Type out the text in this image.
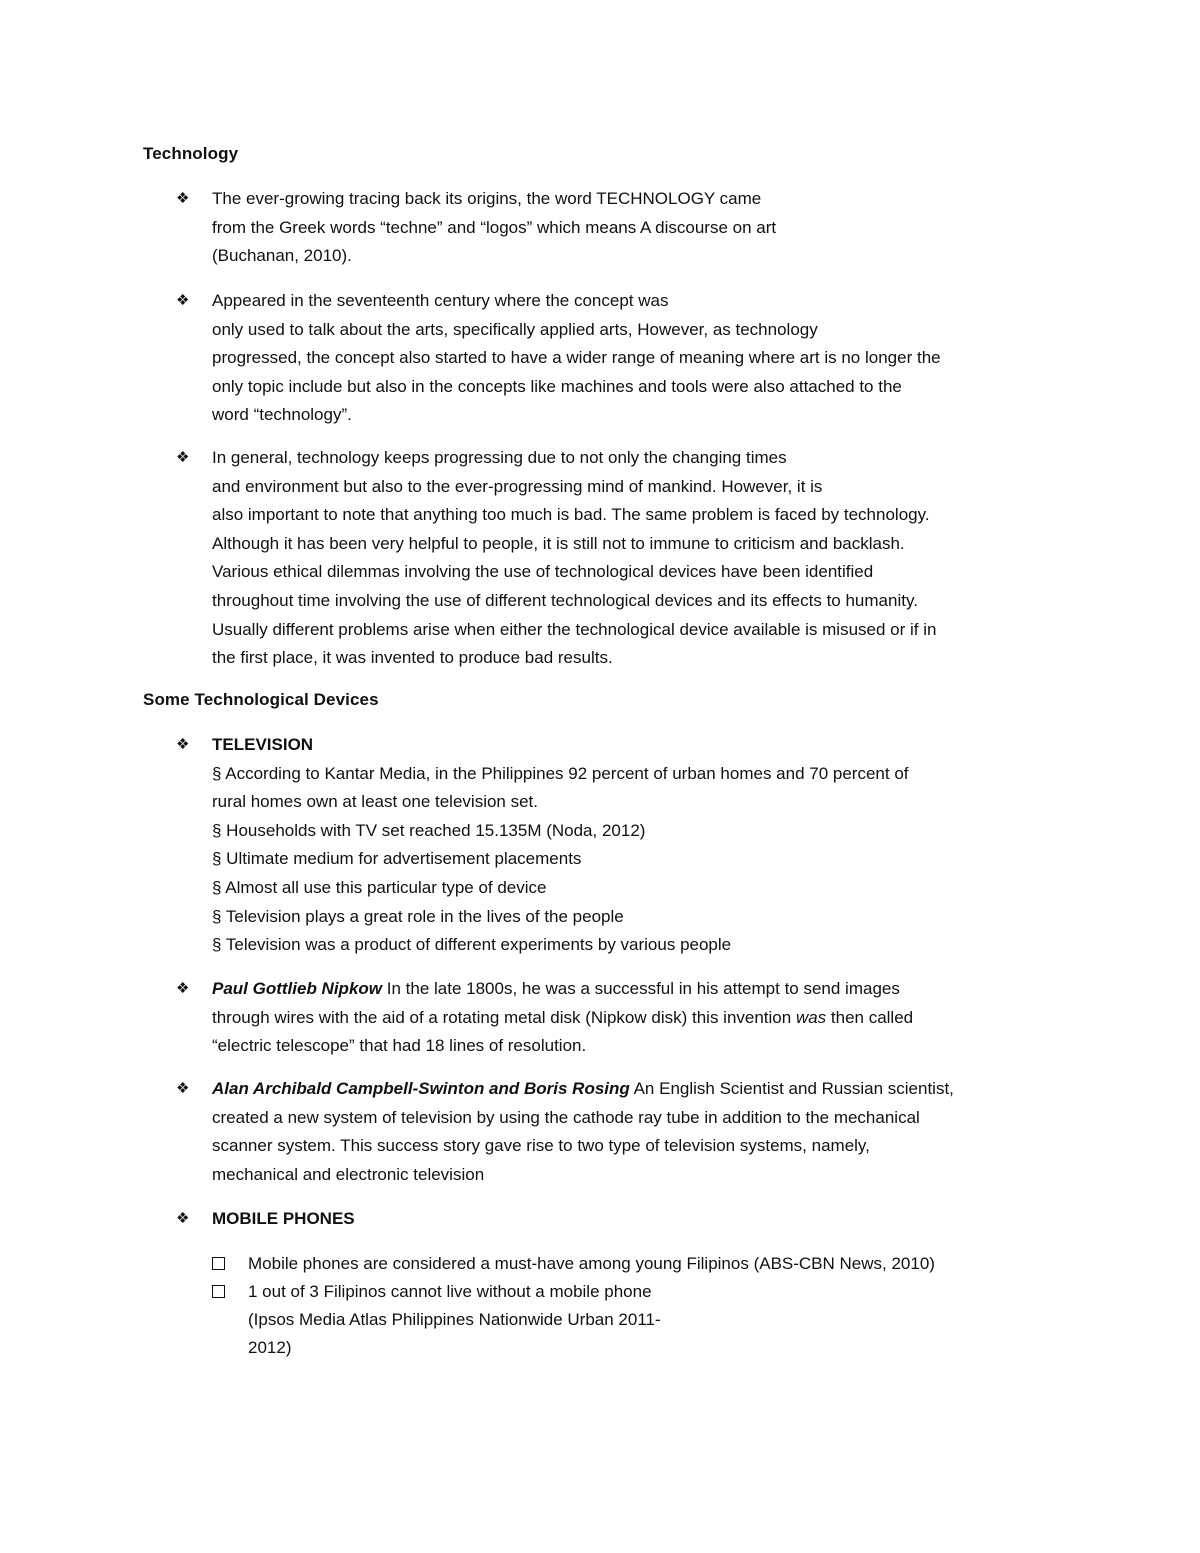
Technology
❖ The ever-growing tracing back its origins, the word TECHNOLOGY came
from the Greek words “techne” and “logos” which means A discourse on art
(Buchanan, 2010).
❖ Appeared in the seventeenth century where the concept was
only used to talk about the arts, specifically applied arts, However, as technology
progressed, the concept also started to have a wider range of meaning where art is no longer the
only topic include but also in the concepts like machines and tools were also attached to the
word “technology”.
❖ In general, technology keeps progressing due to not only the changing times
and environment but also to the ever-progressing mind of mankind. However, it is
also important to note that anything too much is bad. The same problem is faced by technology.
Although it has been very helpful to people, it is still not to immune to criticism and backlash.
Various ethical dilemmas involving the use of technological devices have been identified
throughout time involving the use of different technological devices and its effects to humanity.
Usually different problems arise when either the technological device available is misused or if in
the first place, it was invented to produce bad results.
Some Technological Devices
❖ TELEVISION
§ According to Kantar Media, in the Philippines 92 percent of urban homes and 70 percent of
rural homes own at least one television set.
§ Households with TV set reached 15.135M (Noda, 2012)
§ Ultimate medium for advertisement placements
§ Almost all use this particular type of device
§ Television plays a great role in the lives of the people
§ Television was a product of different experiments by various people
❖ Paul Gottlieb Nipkow In the late 1800s, he was a successful in his attempt to send images
through wires with the aid of a rotating metal disk (Nipkow disk) this invention was then called
“electric telescope” that had 18 lines of resolution.
❖ Alan Archibald Campbell-Swinton and Boris Rosing An English Scientist and Russian scientist,
created a new system of television by using the cathode ray tube in addition to the mechanical
scanner system. This success story gave rise to two type of television systems, namely,
mechanical and electronic television
❖ MOBILE PHONES
Mobile phones are considered a must-have among young Filipinos (ABS-CBN News, 2010)
1 out of 3 Filipinos cannot live without a mobile phone
(Ipsos Media Atlas Philippines Nationwide Urban 2011-
2012)
